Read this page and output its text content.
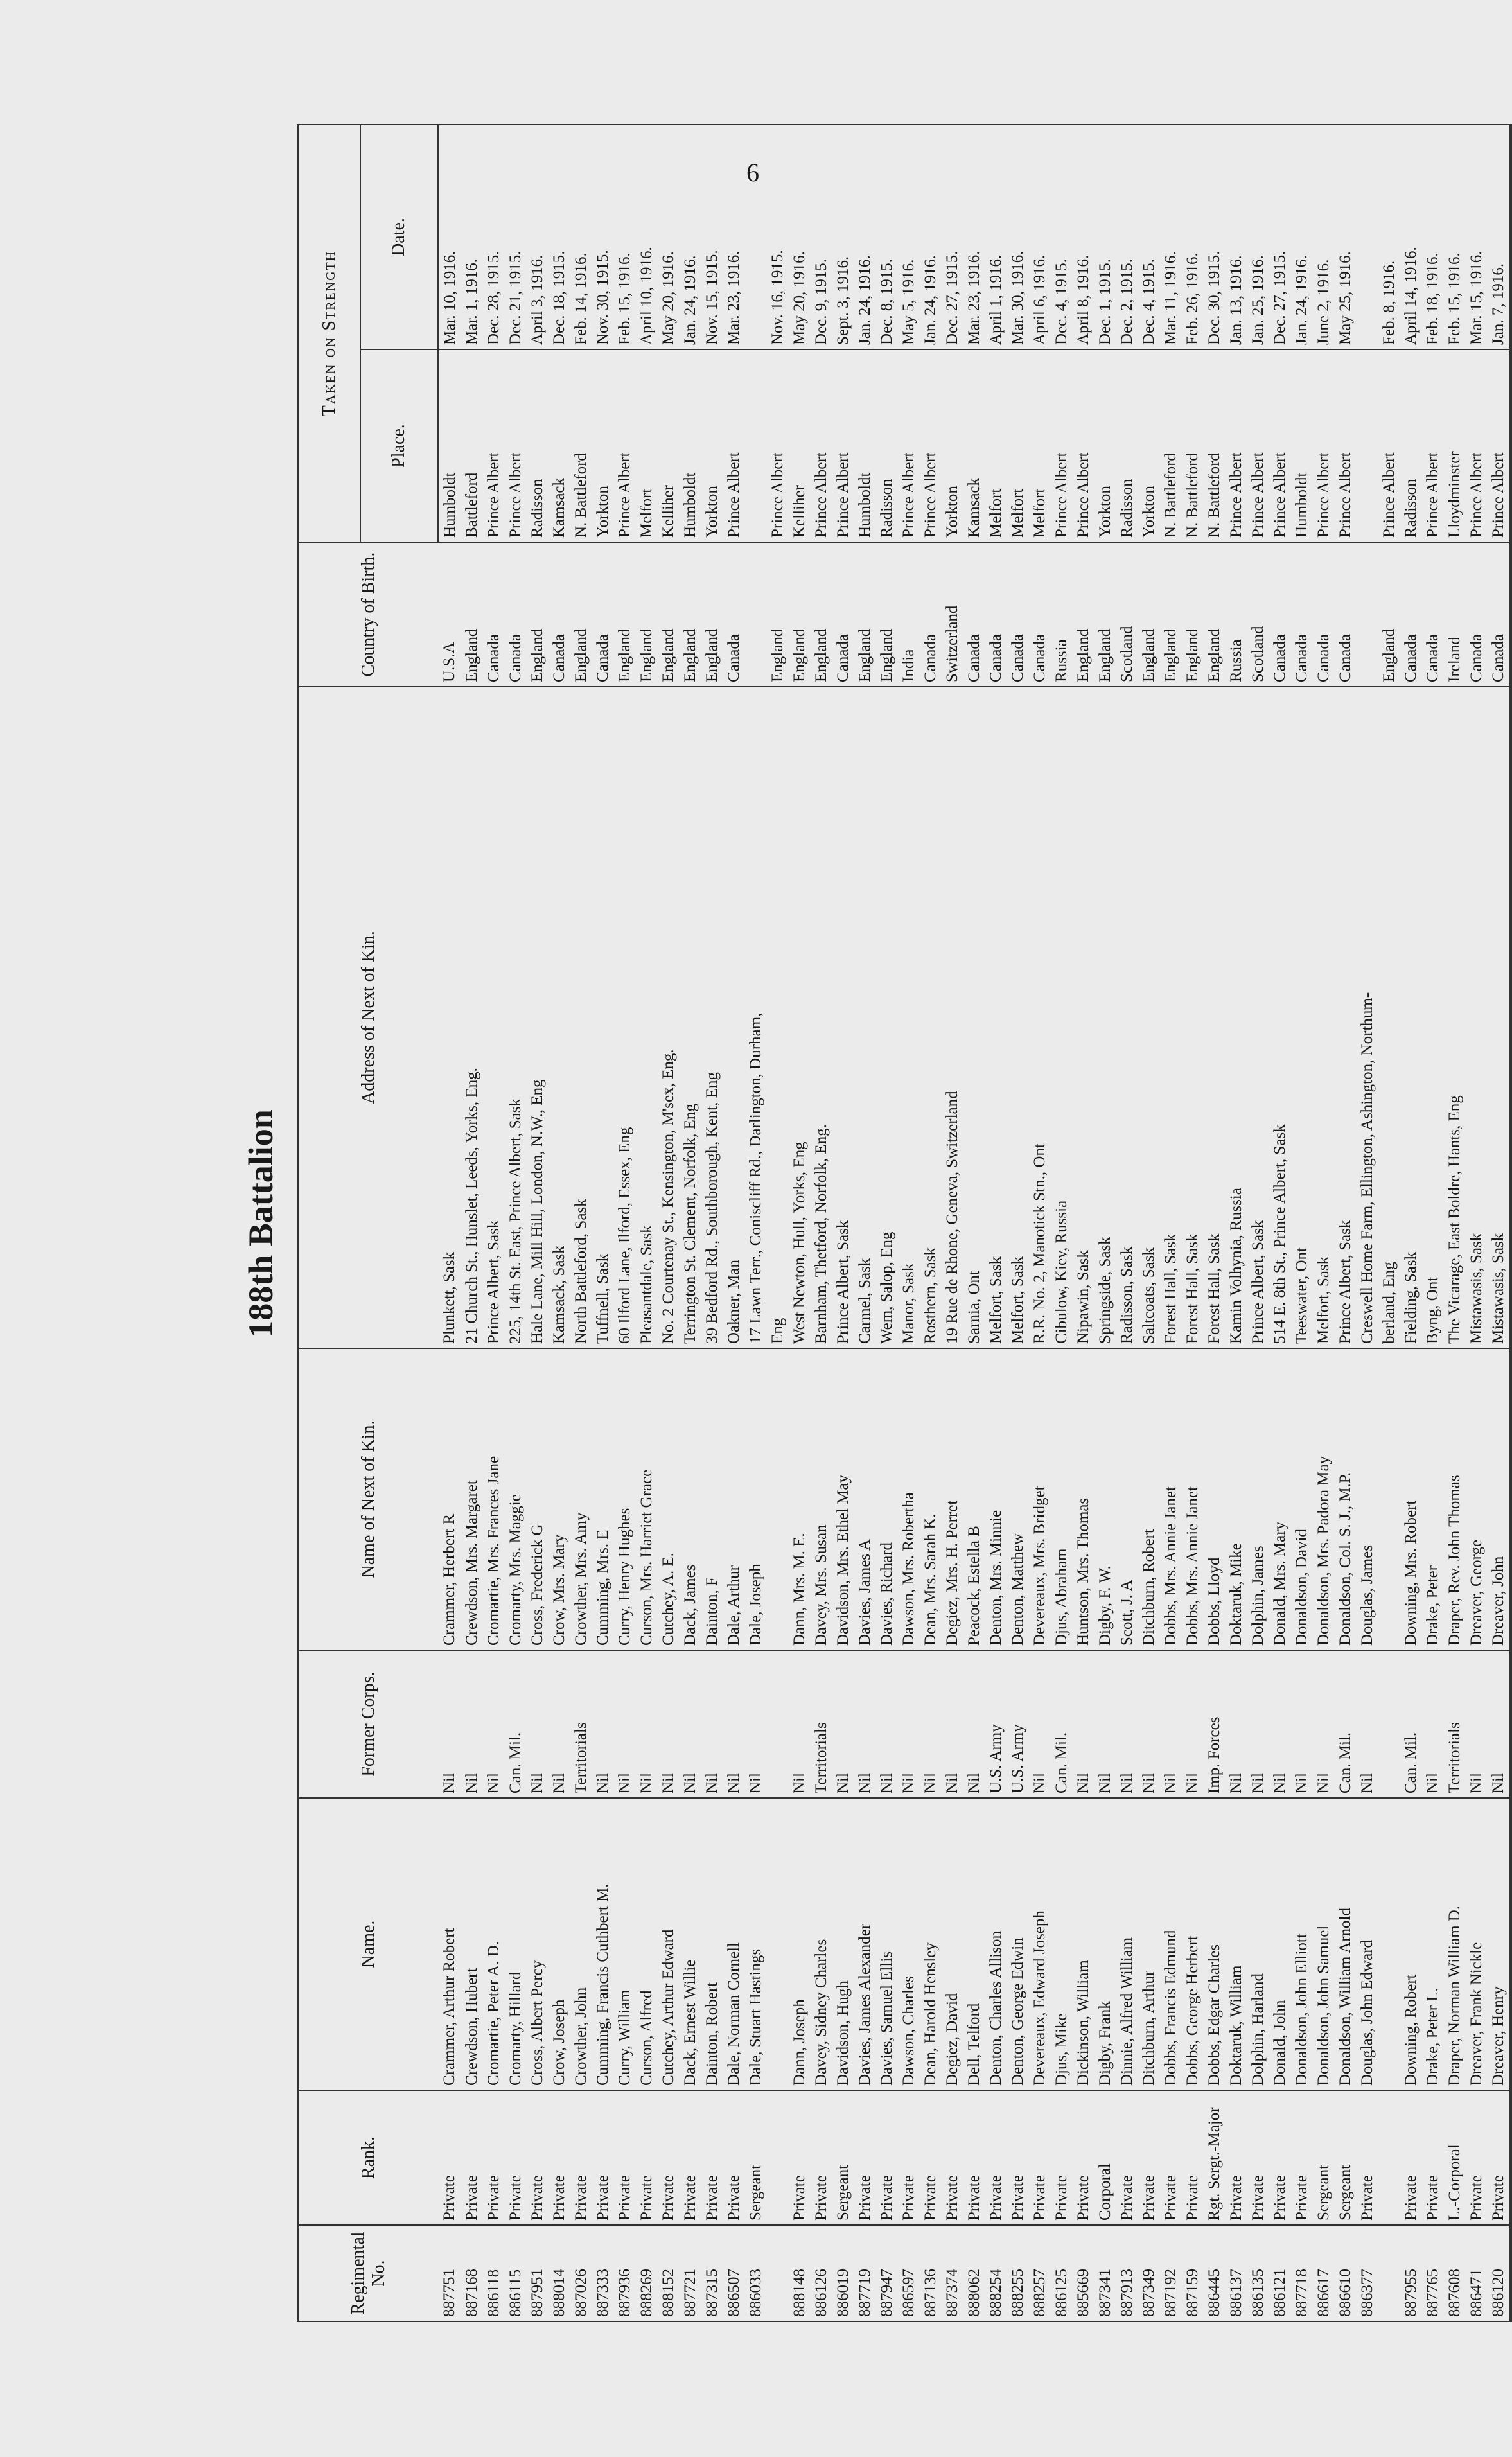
6
188th Battalion
Regimental No.	Rank.	Name.	Former Corps.	Name of Next of Kin.	Address of Next of Kin.	Country of Birth.	Taken on Strength	
							Place.	Date.
887751	Private	Crammer, Arthur Robert	Nil	Crammer, Herbert R	Plunkett, Sask	U.S.A	Humboldt	Mar. 10, 1916.
887168	Private	Crewdson, Hubert	Nil	Crewdson, Mrs. Margaret	21 Church St., Hunslet, Leeds, Yorks, Eng.	England	Battleford	Mar. 1, 1916.
886118	Private	Cromartie, Peter A. D.	Nil	Cromartie, Mrs. Frances Jane	Prince Albert, Sask	Canada	Prince Albert	Dec. 28, 1915.
886115	Private	Cromarty, Hillard	Can. Mil.	Cromarty, Mrs. Maggie	225, 14th St. East, Prince Albert, Sask	Canada	Prince Albert	Dec. 21, 1915.
887951	Private	Cross, Albert Percy	Nil	Cross, Frederick G	Hale Lane, Mill Hill, London, N.W., Eng	England	Radisson	April 3, 1916.
888014	Private	Crow, Joseph	Nil	Crow, Mrs. Mary	Kamsack, Sask	Canada	Kamsack	Dec. 18, 1915.
887026	Private	Crowther, John	Territorials	Crowther, Mrs. Amy	North Battleford, Sask	England	N. Battleford	Feb. 14, 1916.
887333	Private	Cumming, Francis Cuthbert M.	Nil	Cumming, Mrs. E	Tuffnell, Sask	Canada	Yorkton	Nov. 30, 1915.
887936	Private	Curry, William	Nil	Curry, Henry Hughes	60 Ilford Lane, Ilford, Essex, Eng	England	Prince Albert	Feb. 15, 1916.
888269	Private	Curson, Alfred	Nil	Curson, Mrs. Harriet Grace	Pleasantdale, Sask	England	Melfort	April 10, 1916.
888152	Private	Cutchey, Arthur Edward	Nil	Cutchey, A. E.	No. 2 Courtenay St., Kensington, M'sex, Eng.	England	Kelliher	May 20, 1916.
887721	Private	Dack, Ernest Willie	Nil	Dack, James	Terrington St. Clement, Norfolk, Eng	England	Humboldt	Jan. 24, 1916.
887315	Private	Dainton, Robert	Nil	Dainton, F	39 Bedford Rd., Southborough, Kent, Eng	England	Yorkton	Nov. 15, 1915.
886507	Private	Dale, Norman Cornell	Nil	Dale, Arthur	Oakner, Man	Canada	Prince Albert	Mar. 23, 1916.
886033	Sergeant	Dale, Stuart Hastings	Nil	Dale, Joseph	17 Lawn Terr., Coniscliff Rd., Darlington, Durham,			
					Eng	England	Prince Albert	Nov. 16, 1915.
888148	Private	Dann, Joseph	Nil	Dann, Mrs. M. E.	West Newton, Hull, Yorks, Eng	England	Kelliher	May 20, 1916.
886126	Private	Davey, Sidney Charles	Territorials	Davey, Mrs. Susan	Barnham, Thetford, Norfolk, Eng.	England	Prince Albert	Dec. 9, 1915.
886019	Sergeant	Davidson, Hugh	Nil	Davidson, Mrs. Ethel May	Prince Albert, Sask	Canada	Prince Albert	Sept. 3, 1916.
887719	Private	Davies, James Alexander	Nil	Davies, James A	Carmel, Sask	England	Humboldt	Jan. 24, 1916.
887947	Private	Davies, Samuel Ellis	Nil	Davies, Richard	Wem, Salop, Eng	England	Radisson	Dec. 8, 1915.
886597	Private	Dawson, Charles	Nil	Dawson, Mrs. Robertha	Manor, Sask	India	Prince Albert	May 5, 1916.
887136	Private	Dean, Harold Hensley	Nil	Dean, Mrs. Sarah K.	Rosthern, Sask	Canada	Prince Albert	Jan. 24, 1916.
887374	Private	Degiez, David	Nil	Degiez, Mrs. H. Perret	19 Rue de Rhone, Geneva, Switzerland	Switzerland	Yorkton	Dec. 27, 1915.
888062	Private	Dell, Telford	Nil	Peacock, Estella B	Sarnia, Ont	Canada	Kamsack	Mar. 23, 1916.
888254	Private	Denton, Charles Allison	U.S. Army	Denton, Mrs. Minnie	Melfort, Sask	Canada	Melfort	April 1, 1916.
888255	Private	Denton, George Edwin	U.S. Army	Denton, Matthew	Melfort, Sask	Canada	Melfort	Mar. 30, 1916.
888257	Private	Devereaux, Edward Joseph	Nil	Devereaux, Mrs. Bridget	R.R. No. 2, Manotick Stn., Ont	Canada	Melfort	April 6, 1916.
886125	Private	Djus, Mike	Can. Mil.	Djus, Abraham	Cibulow, Kiev, Russia	Russia	Prince Albert	Dec. 4, 1915.
885669	Private	Dickinson, William	Nil	Huntson, Mrs. Thomas	Nipawin, Sask	England	Prince Albert	April 8, 1916.
887341	Corporal	Digby, Frank	Nil	Digby, F. W.	Springside, Sask	England	Yorkton	Dec. 1, 1915.
887913	Private	Dinnie, Alfred William	Nil	Scott, J. A	Radisson, Sask	Scotland	Radisson	Dec. 2, 1915.
887349	Private	Ditchburn, Arthur	Nil	Ditchburn, Robert	Saltcoats, Sask	England	Yorkton	Dec. 4, 1915.
887192	Private	Dobbs, Francis Edmund	Nil	Dobbs, Mrs. Annie Janet	Forest Hall, Sask	England	N. Battleford	Mar. 11, 1916.
887159	Private	Dobbs, George Herbert	Nil	Dobbs, Mrs. Annie Janet	Forest Hall, Sask	England	N. Battleford	Feb. 26, 1916.
886445	Rgt. Sergt.-Major	Dobbs, Edgar Charles	Imp. Forces	Dobbs, Lloyd	Forest Hall, Sask	England	N. Battleford	Dec. 30, 1915.
886137	Private	Doktaruk, William	Nil	Doktaruk, Mike	Kamin Volhynia, Russia	Russia	Prince Albert	Jan. 13, 1916.
886135	Private	Dolphin, Harland	Nil	Dolphin, James	Prince Albert, Sask	Scotland	Prince Albert	Jan. 25, 1916.
886121	Private	Donald, John	Nil	Donald, Mrs. Mary	514 E. 8th St., Prince Albert, Sask	Canada	Prince Albert	Dec. 27, 1915.
887718	Private	Donaldson, John Elliott	Nil	Donaldson, David	Teeswater, Ont	Canada	Humboldt	Jan. 24, 1916.
886617	Sergeant	Donaldson, John Samuel	Nil	Donaldson, Mrs. Padora May	Melfort, Sask	Canada	Prince Albert	June 2, 1916.
886610	Sergeant	Donaldson, William Arnold	Can. Mil.	Donaldson, Col. S. J., M.P.	Prince Albert, Sask	Canada	Prince Albert	May 25, 1916.
886377	Private	Douglas, John Edward	Nil	Douglas, James	Creswell Home Farm, Ellington, Ashington, Northum-			
					berland, Eng	England	Prince Albert	Feb. 8, 1916.
887955	Private	Downing, Robert	Can. Mil.	Downing, Mrs. Robert	Fielding, Sask	Canada	Radisson	April 14, 1916.
887765	Private	Drake, Peter L.	Nil	Drake, Peter	Byng, Ont	Canada	Prince Albert	Feb. 18, 1916.
887608	L.-Corporal	Draper, Norman William D.	Territorials	Draper, Rev. John Thomas	The Vicarage, East Boldre, Hants, Eng	Ireland	Lloydminster	Feb. 15, 1916.
886471	Private	Dreaver, Frank Nickle	Nil	Dreaver, George	Mistawasis, Sask	Canada	Prince Albert	Mar. 15, 1916.
886120	Private	Dreaver, Henry	Nil	Dreaver, John	Mistawasis, Sask	Canada	Prince Albert	Jan. 7, 1916.
